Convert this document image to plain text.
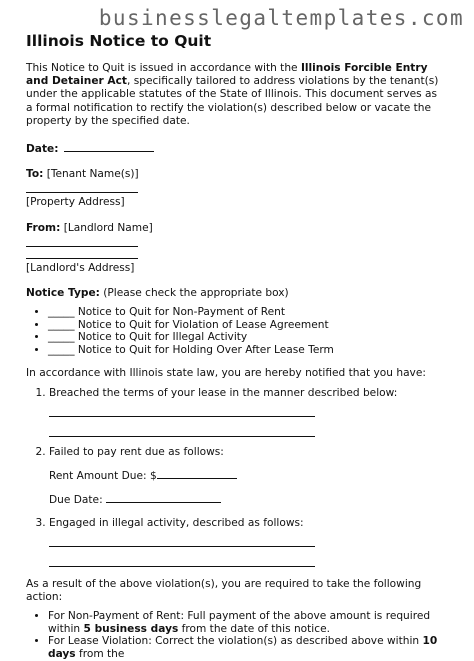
businesslegaltemplates.com
Illinois Notice to Quit

This Notice to Quit is issued in accordance with the Illinois Forcible Entry and Detainer Act, specifically tailored to address violations by the tenant(s) under the applicable statutes of the State of Illinois. This document serves as a formal notification to rectify the violation(s) described below or vacate the property by the specified date.

Date:
To: [Tenant Name(s)]
[Property Address]
From: [Landlord Name]
[Landlord's Address]
Notice Type: (Please check the appropriate box)
• _____ Notice to Quit for Non-Payment of Rent
• _____ Notice to Quit for Violation of Lease Agreement
• _____ Notice to Quit for Illegal Activity
• _____ Notice to Quit for Holding Over After Lease Term

In accordance with Illinois state law, you are hereby notified that you have:

1. Breached the terms of your lease in the manner described below:
2. Failed to pay rent due as follows:
Rent Amount Due: $
Due Date:
3. Engaged in illegal activity, described as follows:

As a result of the above violation(s), you are required to take the following action:

• For Non-Payment of Rent: Full payment of the above amount is required within 5 business days from the date of this notice.
• For Lease Violation: Correct the violation(s) as described above within 10 days from the
